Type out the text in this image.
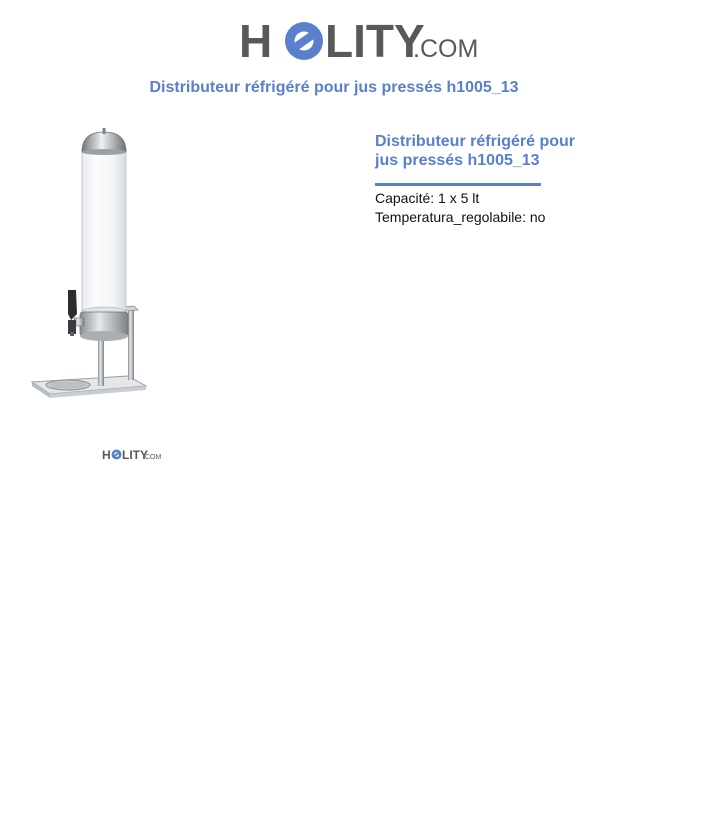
H LITY
.COM
Distributeur réfrigéré pour jus pressés h1005_13
H LITY
.COM
Distributeur réfrigéré pour
jus pressés h1005_13
Capacité: 1 x 5 lt
Temperatura_regolabile: no
